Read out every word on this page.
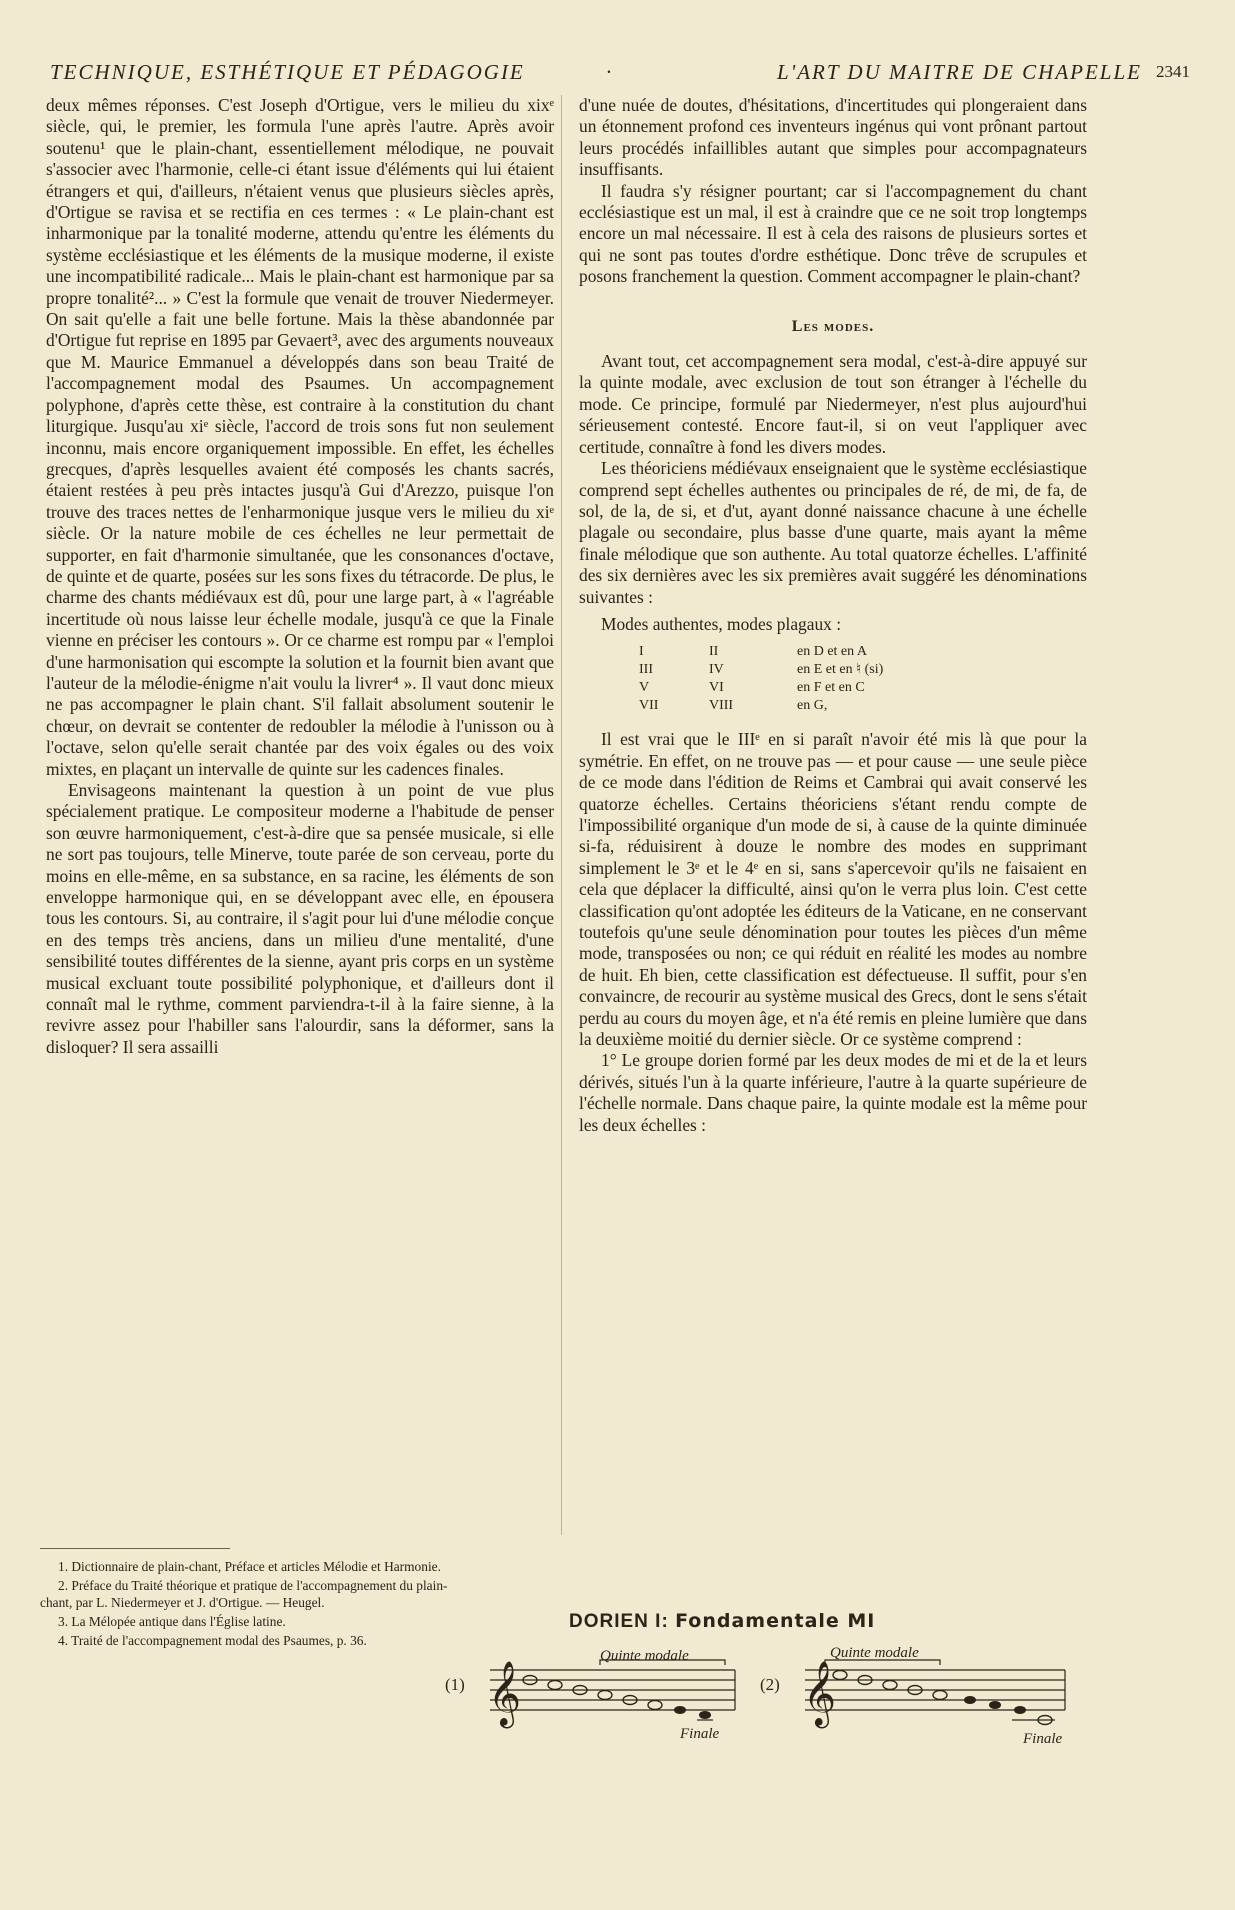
TECHNIQUE, ESTHÉTIQUE ET PÉDAGOGIE	·	L'ART DU MAITRE DE CHAPELLE 2341

deux mêmes réponses. C'est Joseph d'Ortigue, vers le milieu du xixᵉ siècle, qui, le premier, les formula l'une après l'autre. Après avoir soutenu¹ que le plain-chant, essentiellement mélodique, ne pouvait s'associer avec l'harmonie, celle-ci étant issue d'éléments qui lui étaient étrangers et qui, d'ailleurs, n'étaient venus que plusieurs siècles après, d'Ortigue se ravisa et se rectifia en ces termes : « Le plain-chant est inharmonique par la tonalité moderne, attendu qu'entre les éléments du système ecclésiastique et les éléments de la musique moderne, il existe une incompatibilité radicale... Mais le plain-chant est harmonique par sa propre tonalité²... » C'est la formule que venait de trouver Niedermeyer. On sait qu'elle a fait une belle fortune. Mais la thèse abandonnée par d'Ortigue fut reprise en 1895 par Gevaert³, avec des arguments nouveaux que M. Maurice Emmanuel a développés dans son beau Traité de l'accompagnement modal des Psaumes. Un accompagnement polyphone, d'après cette thèse, est contraire à la constitution du chant liturgique. Jusqu'au xiᵉ siècle, l'accord de trois sons fut non seulement inconnu, mais encore organiquement impossible. En effet, les échelles grecques, d'après lesquelles avaient été composés les chants sacrés, étaient restées à peu près intactes jusqu'à Gui d'Arezzo, puisque l'on trouve des traces nettes de l'enharmonique jusque vers le milieu du xiᵉ siècle. Or la nature mobile de ces échelles ne leur permettait de supporter, en fait d'harmonie simultanée, que les consonances d'octave, de quinte et de quarte, posées sur les sons fixes du tétracorde. De plus, le charme des chants médiévaux est dû, pour une large part, à « l'agréable incertitude où nous laisse leur échelle modale, jusqu'à ce que la Finale vienne en préciser les contours ». Or ce charme est rompu par « l'emploi d'une harmonisation qui escompte la solution et la fournit bien avant que l'auteur de la mélodie-énigme n'ait voulu la livrer⁴ ». Il vaut donc mieux ne pas accompagner le plain chant. S'il fallait absolument soutenir le chœur, on devrait se contenter de redoubler la mélodie à l'unisson ou à l'octave, selon qu'elle serait chantée par des voix égales ou des voix mixtes, en plaçant un intervalle de quinte sur les cadences finales.

Envisageons maintenant la question à un point de vue plus spécialement pratique. Le compositeur moderne a l'habitude de penser son œuvre harmoniquement, c'est-à-dire que sa pensée musicale, si elle ne sort pas toujours, telle Minerve, toute parée de son cerveau, porte du moins en elle-même, en sa substance, en sa racine, les éléments de son enveloppe harmonique qui, en se développant avec elle, en épousera tous les contours. Si, au contraire, il s'agit pour lui d'une mélodie conçue en des temps très anciens, dans un milieu d'une mentalité, d'une sensibilité toutes différentes de la sienne, ayant pris corps en un système musical excluant toute possibilité polyphonique, et d'ailleurs dont il connaît mal le rythme, comment parviendra-t-il à la faire sienne, à la revivre assez pour l'habiller sans l'alourdir, sans la déformer, sans la disloquer? Il sera assailli

d'une nuée de doutes, d'hésitations, d'incertitudes qui plongeraient dans un étonnement profond ces inventeurs ingénus qui vont prônant partout leurs procédés infaillibles autant que simples pour accompagnateurs insuffisants.

Il faudra s'y résigner pourtant; car si l'accompagnement du chant ecclésiastique est un mal, il est à craindre que ce ne soit trop longtemps encore un mal nécessaire. Il est à cela des raisons de plusieurs sortes et qui ne sont pas toutes d'ordre esthétique. Donc trêve de scrupules et posons franchement la question. Comment accompagner le plain-chant?

Les modes.

Avant tout, cet accompagnement sera modal, c'est-à-dire appuyé sur la quinte modale, avec exclusion de tout son étranger à l'échelle du mode. Ce principe, formulé par Niedermeyer, n'est plus aujourd'hui sérieusement contesté. Encore faut-il, si on veut l'appliquer avec certitude, connaître à fond les divers modes.

Les théoriciens médiévaux enseignaient que le système ecclésiastique comprend sept échelles authentes ou principales de ré, de mi, de fa, de sol, de la, de si, et d'ut, ayant donné naissance chacune à une échelle plagale ou secondaire, plus basse d'une quarte, mais ayant la même finale mélodique que son authente. Au total quatorze échelles. L'affinité des six dernières avec les six premières avait suggéré les dénominations suivantes :

Modes authentes, modes plagaux :
I	II	en D et en A
III	IV	en E et en ♮ (si)
V	VI	en F et en C
VII	VIII	en G,

Il est vrai que le IIIᵉ en si paraît n'avoir été mis là que pour la symétrie. En effet, on ne trouve pas — et pour cause — une seule pièce de ce mode dans l'édition de Reims et Cambrai qui avait conservé les quatorze échelles. Certains théoriciens s'étant rendu compte de l'impossibilité organique d'un mode de si, à cause de la quinte diminuée si-fa, réduisirent à douze le nombre des modes en supprimant simplement le 3ᵉ et le 4ᵉ en si, sans s'apercevoir qu'ils ne faisaient en cela que déplacer la difficulté, ainsi qu'on le verra plus loin. C'est cette classification qu'ont adoptée les éditeurs de la Vaticane, en ne conservant toutefois qu'une seule dénomination pour toutes les pièces d'un même mode, transposées ou non; ce qui réduit en réalité les modes au nombre de huit. Eh bien, cette classification est défectueuse. Il suffit, pour s'en convaincre, de recourir au système musical des Grecs, dont le sens s'était perdu au cours du moyen âge, et n'a été remis en pleine lumière que dans la deuxième moitié du dernier siècle. Or ce système comprend :

1° Le groupe dorien formé par les deux modes de mi et de la et leurs dérivés, situés l'un à la quarte inférieure, l'autre à la quarte supérieure de l'échelle normale. Dans chaque paire, la quinte modale est la même pour les deux échelles :

1. Dictionnaire de plain-chant, Préface et articles Mélodie et Harmonie.

2. Préface du Traité théorique et pratique de l'accompagnement du plain-chant, par L. Niedermeyer et J. d'Ortigue. — Heugel.

3. La Mélopée antique dans l'Église latine.

4. Traité de l'accompagnement modal des Psaumes, p. 36.

DORIEN I: Fondamentale MI
(1)	(2)
𝄞
Quinte modale
Finale
𝄞
Quinte modale
Finale
